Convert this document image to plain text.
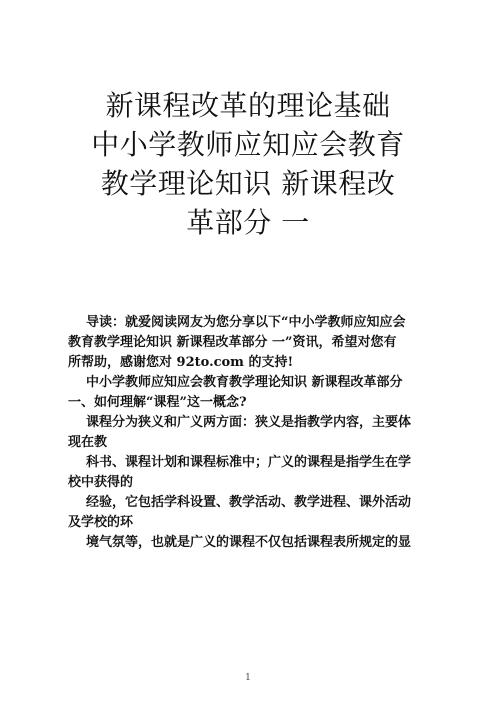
新课程改革的理论基础
中小学教师应知应会教育
教学理论知识 新课程改
革部分 一
导读：就爱阅读网友为您分享以下“中小学教师应知应会
教育教学理论知识 新课程改革部分 一”资讯，希望对您有
所帮助，感谢您对 92to.com 的支持!
中小学教师应知应会教育教学理论知识 新课程改革部分
一、如何理解“课程”这一概念?
课程分为狭义和广义两方面：狭义是指教学内容，主要体
现在教
科书、课程计划和课程标准中；广义的课程是指学生在学
校中获得的
经验，它包括学科设置、教学活动、教学进程、课外活动
及学校的环
境气氛等，也就是广义的课程不仅包括课程表所规定的显
1
